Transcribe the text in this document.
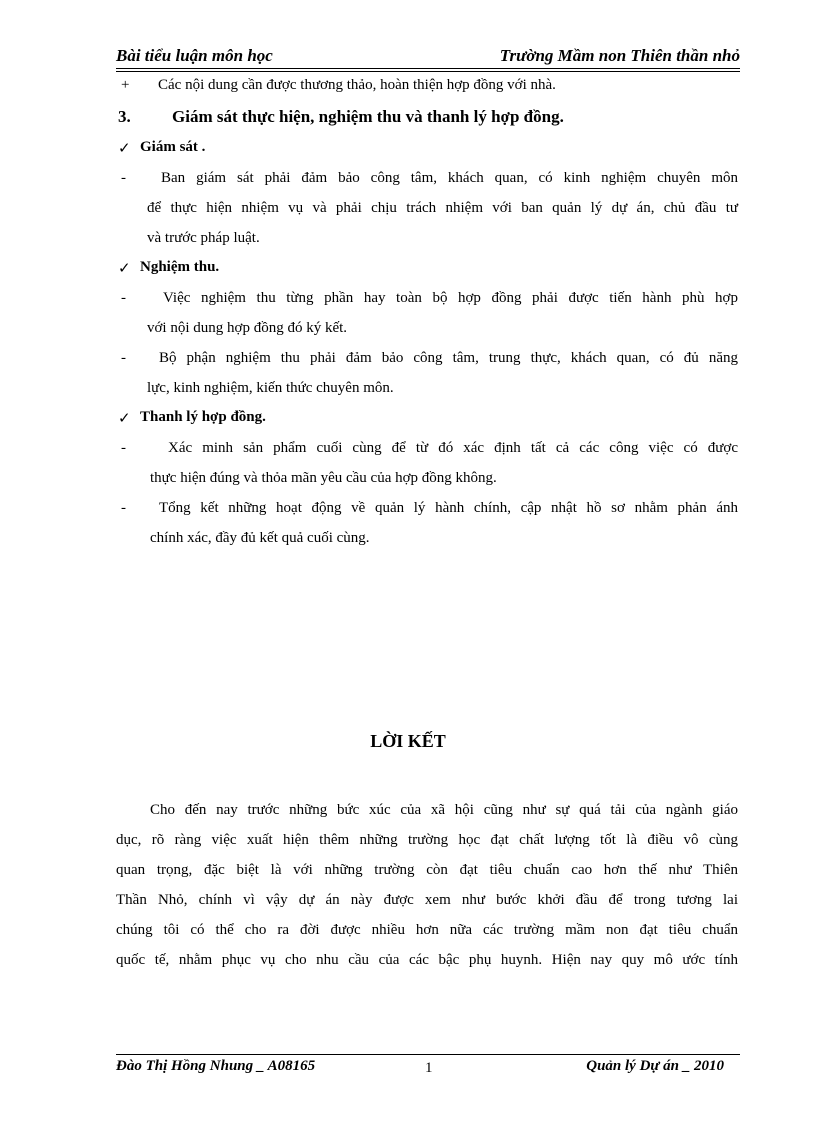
Bài tiểu luận môn học	Trường Mầm non Thiên thần nhỏ
+ Các nội dung cần được thương thảo, hoàn thiện hợp đồng với nhà.
3. Giám sát thực hiện, nghiệm thu và thanh lý hợp đồng.
✓ Giám sát .
- Ban giám sát phải đảm bảo công tâm, khách quan, có kinh nghiệm chuyên môn
để thực hiện nhiệm vụ và phải chịu trách nhiệm với ban quản lý dự án, chủ đầu tư
và trước pháp luật.
✓ Nghiệm thu.
- Việc nghiệm thu từng phần hay toàn bộ hợp đồng phải được tiến hành phù hợp
với nội dung hợp đồng đó ký kết.
- Bộ phận nghiệm thu phải đảm bảo công tâm, trung thực, khách quan, có đủ năng
lực, kinh nghiệm, kiến thức chuyên môn.
✓ Thanh lý hợp đồng.
-	Xác minh sản phẩm cuối cùng để từ đó xác định tất cả các công việc có được
thực hiện đúng và thỏa mãn yêu cầu của hợp đồng không.
- Tổng kết những hoạt động về quản lý hành chính, cập nhật hồ sơ nhằm phản ánh
chính xác, đầy đủ kết quả cuối cùng.
LỜI KẾT
Cho đến nay trước những bức xúc của xã hội cũng như sự quá tải của ngành giáo
dục, rõ ràng việc xuất hiện thêm những trường học đạt chất lượng tốt là điều vô cùng
quan trọng, đặc biệt là với những trường còn đạt tiêu chuẩn cao hơn thế như Thiên
Thần Nhỏ, chính vì vậy dự án này được xem như bước khởi đầu để trong tương lai
chúng tôi có thể cho ra đời được nhiều hơn nữa các trường mầm non đạt tiêu chuẩn
quốc tế, nhằm phục vụ cho nhu cầu của các bậc phụ huynh. Hiện nay quy mô ước tính
Đào Thị Hồng Nhung _ A08165	1	Quản lý Dự án _ 2010
